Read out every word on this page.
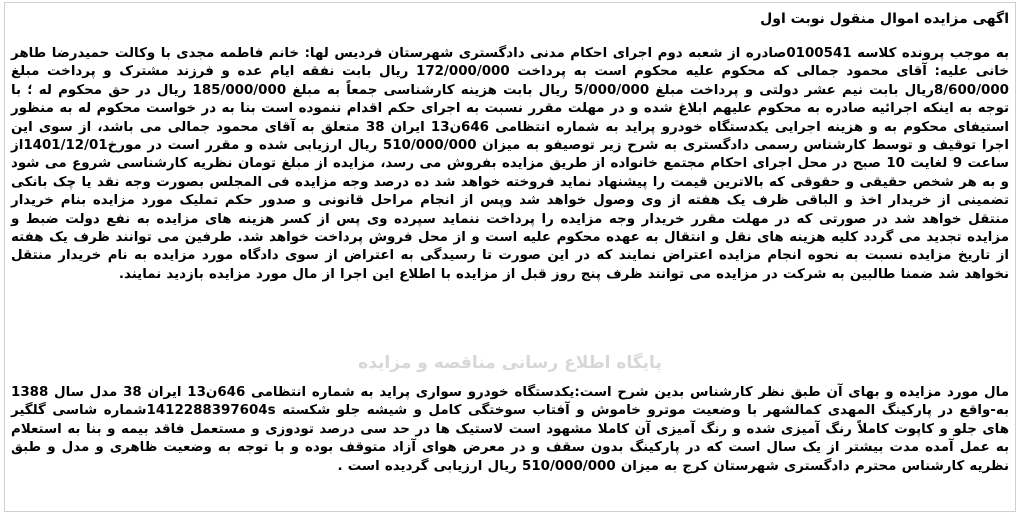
اگهی مزایده اموال منقول نوبت اول

به موجب پرونده کلاسه 0100541صادره از شعبه دوم اجرای احکام مدنی دادگستری شهرستان فردیس لها: خانم فاطمه مجدی با وکالت حمیدرضا طاهر خانی علیه: آقای محمود جمالی که محکوم علیه محکوم است به پرداخت 172/000/000 ریال بابت نفقه ایام عده و فرزند مشترک و پرداخت مبلغ 8/600/000ریال بابت نیم عشر دولتی و پرداخت مبلغ 5/000/000 ریال بابت هزینه کارشناسی جمعاً به مبلغ 185/000/000 ریال در حق محکوم له ؛ با توجه به اینکه اجرائیه صادره به محکوم علیهم ابلاغ شده و در مهلت مقرر نسبت به اجرای حکم اقدام ننموده است بنا به در خواست محکوم له به منظور استیفای محکوم به و هزینه اجرایی یکدستگاه خودرو پراید به شماره انتظامی 646ن13 ایران 38 متعلق به آقای محمود جمالی می باشد، از سوی این اجرا توقیف و توسط کارشناس رسمی دادگستری به شرح زیر توصیفو به میزان 510/000/000 ریال ارزیابی شده و مقرر است در مورخ1401/12/01از ساعت 9 لغایت 10 صبح در محل اجرای احکام مجتمع خانواده از طریق مزایده بفروش می رسد، مزایده از مبلغ تومان نظریه کارشناسی شروع می شود و به هر شخص حقیقی و حقوقی که بالاترین قیمت را پیشنهاد نماید فروخته خواهد شد ده درصد وجه مزایده فی المجلس بصورت وجه نقد یا چک بانکی تضمینی از خریدار اخذ و الباقی ظرف یک هفته از وی وصول خواهد شد وپس از انجام مراحل قانونی و صدور حکم تملیک مورد مزایده بنام خریدار منتقل خواهد شد در صورتی که در مهلت مقرر خریدار وجه مزایده را پرداخت ننماید سپرده وی پس از کسر هزینه های مزایده به نفع دولت ضبط و مزایده تجدید می گردد کلیه هزینه های نقل و انتقال به عهده محکوم علیه است و از محل فروش پرداخت خواهد شد. طرفین می توانند ظرف یک هفته از تاریخ مزایده نسبت به نحوه انجام مزایده اعتراض نمایند که در این صورت تا رسیدگی به اعتراض از سوی دادگاه مورد مزایده به نام خریدار منتقل نخواهد شد ضمنا طالبین به شرکت در مزایده می توانند ظرف پنج روز قبل از مزایده با اطلاع این اجرا از مال مورد مزایده بازدید نمایند.

پایگاه اطلاع رسانی مناقصه و مزایده

مال مورد مزایده و بهای آن طبق نظر کارشناس بدین شرح است:یکدستگاه خودرو سواری پراید به شماره انتظامی 646ن13 ایران 38 مدل سال 1388 به-واقع در پارکینگ المهدی کمالشهر با وضعیت موترو خاموش و آفتاب سوختگی کامل و شیشه جلو شکسته 1412288397604sشماره شاسی گلگیر های جلو و کاپوت کاملاً رنگ آمیزی شده و رنگ آمیزی آن کاملا مشهود است لاستیک ها در حد سی درصد تودوزی و مستعمل فاقد بیمه و بنا به استعلام به عمل آمده مدت بیشتر از یک سال است که در پارکینگ بدون سقف و در معرض هوای آزاد متوقف بوده و با توجه به وضعیت ظاهری و مدل و طبق نظریه کارشناس محترم دادگستری شهرستان کرج به میزان 510/000/000 ریال ارزیابی گردیده است .
